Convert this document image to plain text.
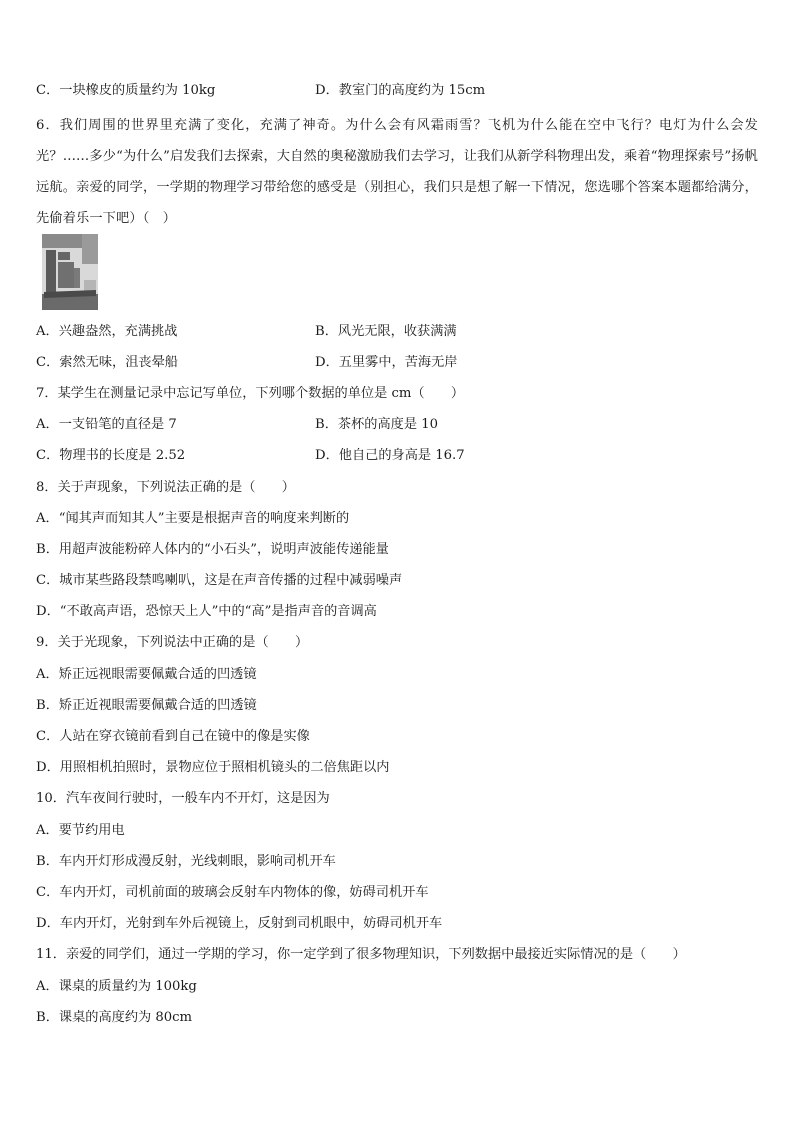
C．一块橡皮的质量约为 10kg	D．教室门的高度约为 15cm
6．我们周围的世界里充满了变化，充满了神奇。为什么会有风霜雨雪？飞机为什么能在空中飞行？电灯为什么会发光？……多少“为什么”启发我们去探索，大自然的奥秘激励我们去学习，让我们从新学科物理出发，乘着“物理探索号”扬帆远航。亲爱的同学，一学期的物理学习带给您的感受是（别担心，我们只是想了解一下情况，您选哪个答案本题都给满分，先偷着乐一下吧）（　）
A．兴趣盎然，充满挑战	B．风光无限，收获满满
C．索然无味，沮丧晕船	D．五里雾中，苦海无岸
7．某学生在测量记录中忘记写单位，下列哪个数据的单位是 cm（　　）
A．一支铅笔的直径是 7	B．茶杯的高度是 10
C．物理书的长度是 2.52	D．他自己的身高是 16.7
8．关于声现象，下列说法正确的是（　　）
A．“闻其声而知其人”主要是根据声音的响度来判断的
B．用超声波能粉碎人体内的“小石头”，说明声波能传递能量
C．城市某些路段禁鸣喇叭，这是在声音传播的过程中减弱噪声
D．“不敢高声语，恐惊天上人”中的“高”是指声音的音调高
9．关于光现象，下列说法中正确的是（　　）
A．矫正远视眼需要佩戴合适的凹透镜
B．矫正近视眼需要佩戴合适的凹透镜
C．人站在穿衣镜前看到自己在镜中的像是实像
D．用照相机拍照时，景物应位于照相机镜头的二倍焦距以内
10．汽车夜间行驶时，一般车内不开灯，这是因为
A．要节约用电
B．车内开灯形成漫反射，光线刺眼，影响司机开车
C．车内开灯，司机前面的玻璃会反射车内物体的像，妨碍司机开车
D．车内开灯，光射到车外后视镜上，反射到司机眼中，妨碍司机开车
11．亲爱的同学们，通过一学期的学习，你一定学到了很多物理知识，下列数据中最接近实际情况的是（　　）
A．课桌的质量约为 100kg
B．课桌的高度约为 80cm
